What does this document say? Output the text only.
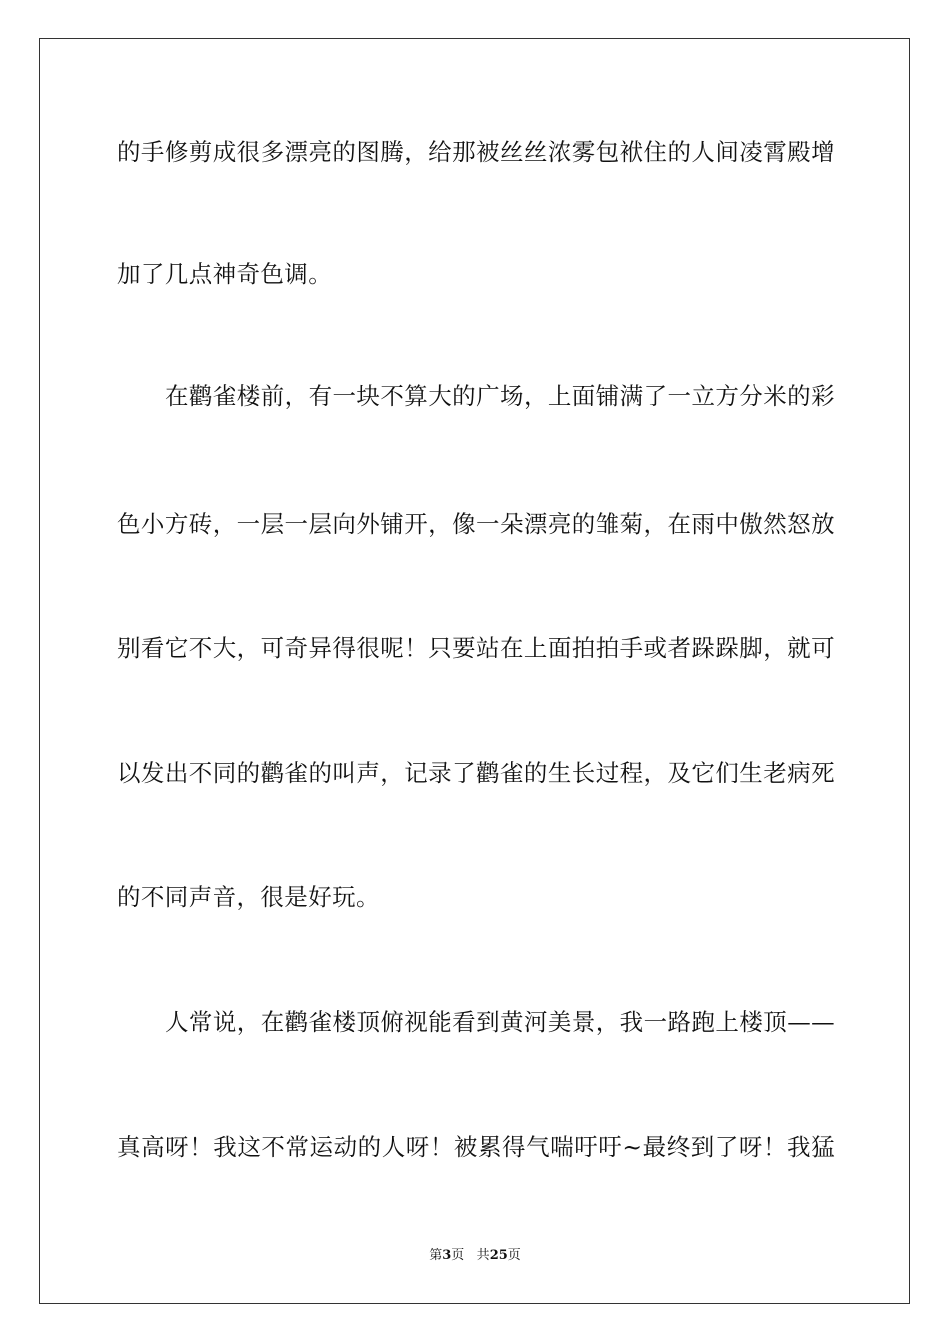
的手修剪成很多漂亮的图腾，给那被丝丝浓雾包袱住的人间凌霄殿增
加了几点神奇色调。
在鹳雀楼前，有一块不算大的广场，上面铺满了一立方分米的彩
色小方砖，一层一层向外铺开，像一朵漂亮的雏菊，在雨中傲然怒放
别看它不大，可奇异得很呢！只要站在上面拍拍手或者跺跺脚，就可
以发出不同的鹳雀的叫声，记录了鹳雀的生长过程，及它们生老病死
的不同声音，很是好玩。
人常说，在鹳雀楼顶俯视能看到黄河美景，我一路跑上楼顶——
真高呀！我这不常运动的人呀！被累得气喘吁吁~最终到了呀！我猛
第3页 共25页
